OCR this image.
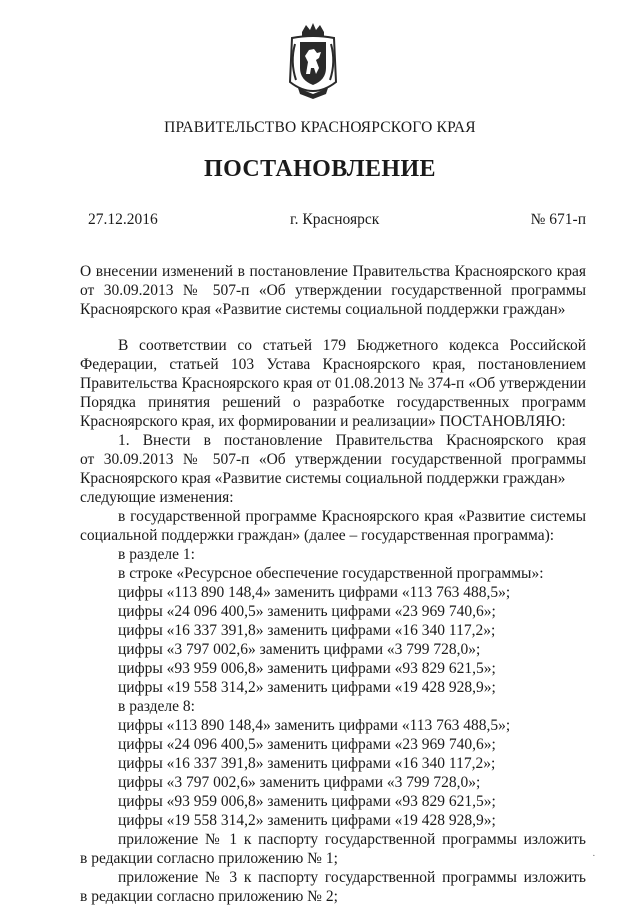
ПРАВИТЕЛЬСТВО КРАСНОЯРСКОГО КРАЯ
ПОСТАНОВЛЕНИЕ
27.12.2016	г. Красноярск	№ 671-п
О внесении изменений в постановление Правительства Красноярского края
от 30.09.2013 № 507-п «Об утверждении государственной программы
Красноярского края «Развитие системы социальной поддержки граждан»
В соответствии со статьей 179 Бюджетного кодекса Российской
Федерации, статьей 103 Устава Красноярского края, постановлением
Правительства Красноярского края от 01.08.2013 № 374-п «Об утверждении
Порядка принятия решений о разработке государственных программ
Красноярского края, их формировании и реализации» ПОСТАНОВЛЯЮ:
1. Внести в постановление Правительства Красноярского края
от 30.09.2013 № 507-п «Об утверждении государственной программы
Красноярского края «Развитие системы социальной поддержки граждан»
следующие изменения:
в государственной программе Красноярского края «Развитие системы
социальной поддержки граждан» (далее – государственная программа):
в разделе 1:
в строке «Ресурсное обеспечение государственной программы»:
цифры «113 890 148,4» заменить цифрами «113 763 488,5»;
цифры «24 096 400,5» заменить цифрами «23 969 740,6»;
цифры «16 337 391,8» заменить цифрами «16 340 117,2»;
цифры «3 797 002,6» заменить цифрами «3 799 728,0»;
цифры «93 959 006,8» заменить цифрами «93 829 621,5»;
цифры «19 558 314,2» заменить цифрами «19 428 928,9»;
в разделе 8:
цифры «113 890 148,4» заменить цифрами «113 763 488,5»;
цифры «24 096 400,5» заменить цифрами «23 969 740,6»;
цифры «16 337 391,8» заменить цифрами «16 340 117,2»;
цифры «3 797 002,6» заменить цифрами «3 799 728,0»;
цифры «93 959 006,8» заменить цифрами «93 829 621,5»;
цифры «19 558 314,2» заменить цифрами «19 428 928,9»;
приложение № 1 к паспорту государственной программы изложить
в редакции согласно приложению № 1;
приложение № 3 к паспорту государственной программы изложить
в редакции согласно приложению № 2;
·
